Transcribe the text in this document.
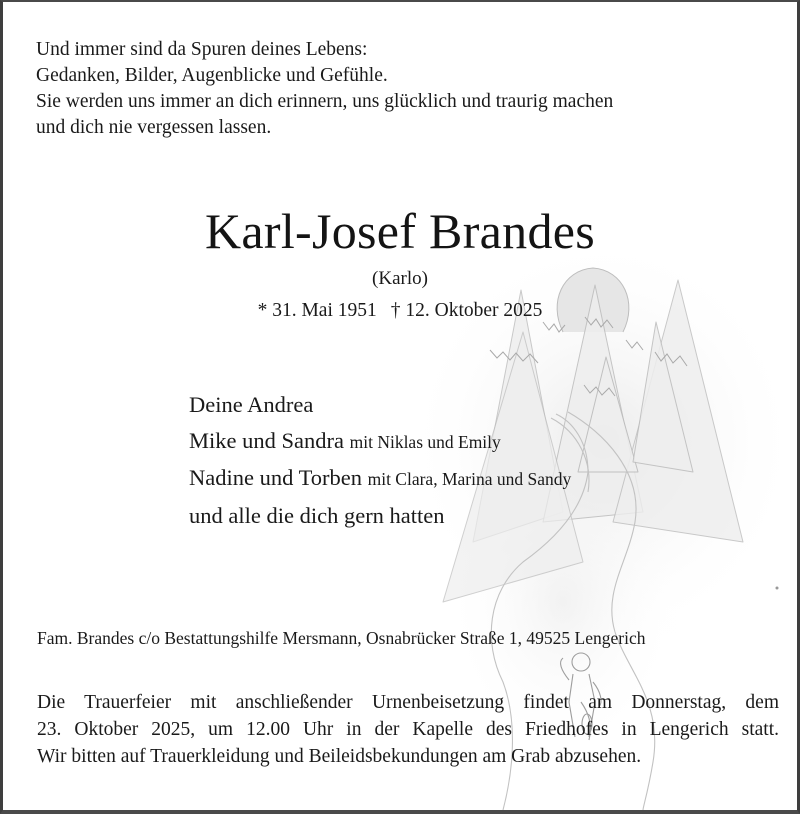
Und immer sind da Spuren deines Lebens:
Gedanken, Bilder, Augenblicke und Gefühle.
Sie werden uns immer an dich erinnern, uns glücklich und traurig machen
und dich nie vergessen lassen.
Karl-Josef Brandes
(Karlo)
* 31. Mai 1951 † 12. Oktober 2025
Deine Andrea
Mike und Sandra mit Niklas und Emily
Nadine und Torben mit Clara, Marina und Sandy
und alle die dich gern hatten
Fam. Brandes c/o Bestattungshilfe Mersmann, Osnabrücker Straße 1, 49525 Lengerich
Die Trauerfeier mit anschließender Urnenbeisetzung findet am Donnerstag, dem
23. Oktober 2025, um 12.00 Uhr in der Kapelle des Friedhofes in Lengerich statt.
Wir bitten auf Trauerkleidung und Beileidsbekundungen am Grab abzusehen.
